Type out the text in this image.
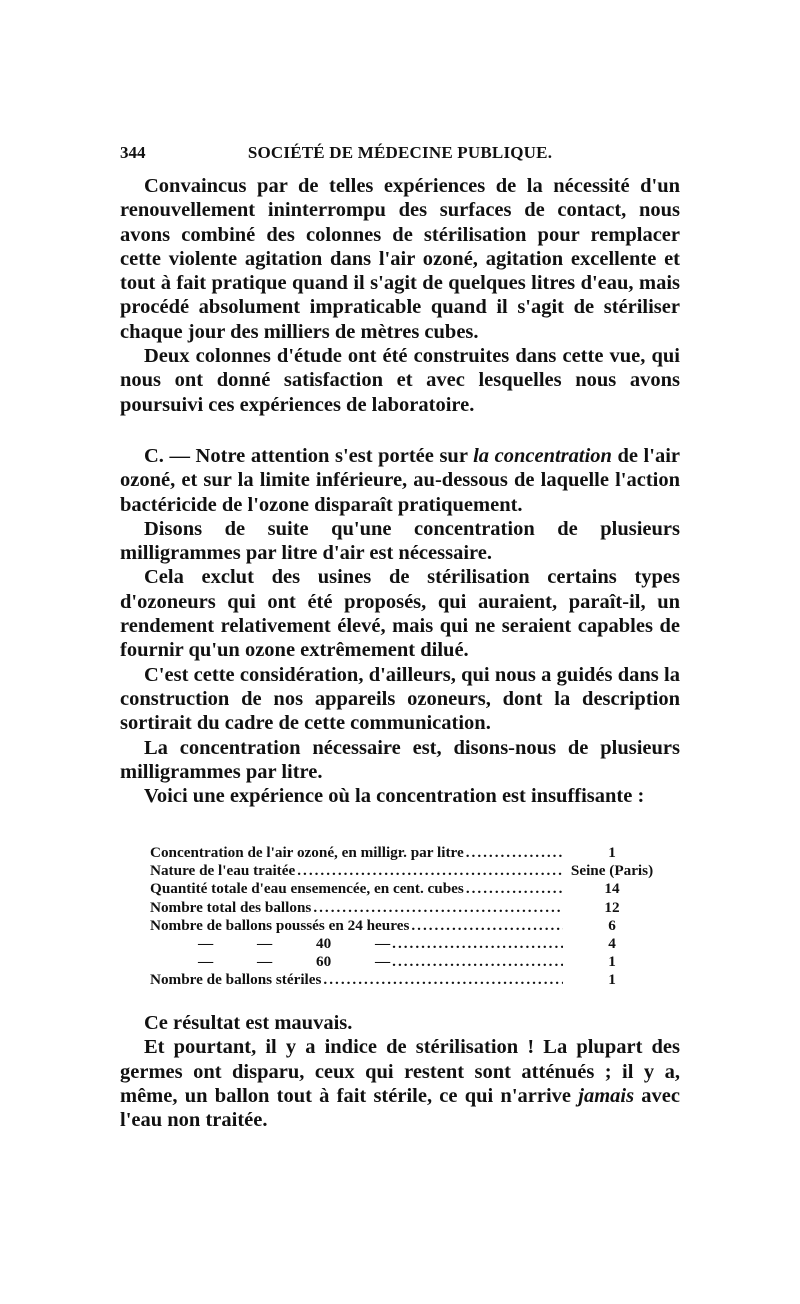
344	SOCIÉTÉ DE MÉDECINE PUBLIQUE.

Convaincus par de telles expériences de la nécessité d'un renouvellement ininterrompu des surfaces de contact, nous avons combiné des colonnes de stérilisation pour remplacer cette violente agitation dans l'air ozoné, agitation excellente et tout à fait pratique quand il s'agit de quelques litres d'eau, mais procédé absolument impraticable quand il s'agit de stériliser chaque jour des milliers de mètres cubes.

Deux colonnes d'étude ont été construites dans cette vue, qui nous ont donné satisfaction et avec lesquelles nous avons poursuivi ces expériences de laboratoire.

C. — Notre attention s'est portée sur la concentration de l'air ozoné, et sur la limite inférieure, au-dessous de laquelle l'action bactéricide de l'ozone disparaît pratiquement.

Disons de suite qu'une concentration de plusieurs milligrammes par litre d'air est nécessaire.

Cela exclut des usines de stérilisation certains types d'ozoneurs qui ont été proposés, qui auraient, paraît-il, un rendement relativement élevé, mais qui ne seraient capables de fournir qu'un ozone extrêmement dilué.

C'est cette considération, d'ailleurs, qui nous a guidés dans la construction de nos appareils ozoneurs, dont la description sortirait du cadre de cette communication.

La concentration nécessaire est, disons-nous de plusieurs milligrammes par litre.

Voici une expérience où la concentration est insuffisante :

Concentration de l'air ozoné, en milligr. par litre .....	1
Nature de l'eau traitée .....	Seine (Paris)
Quantité totale d'eau ensemencée, en cent. cubes .....	14
Nombre total des ballons .....	12
Nombre de ballons poussés en 24 heures .....	6
— — 40 — .....	4
— — 60 — .....	1
Nombre de ballons stériles .....	1

Ce résultat est mauvais.

Et pourtant, il y a indice de stérilisation ! La plupart des germes ont disparu, ceux qui restent sont atténués ; il y a, même, un ballon tout à fait stérile, ce qui n'arrive jamais avec l'eau non traitée.
